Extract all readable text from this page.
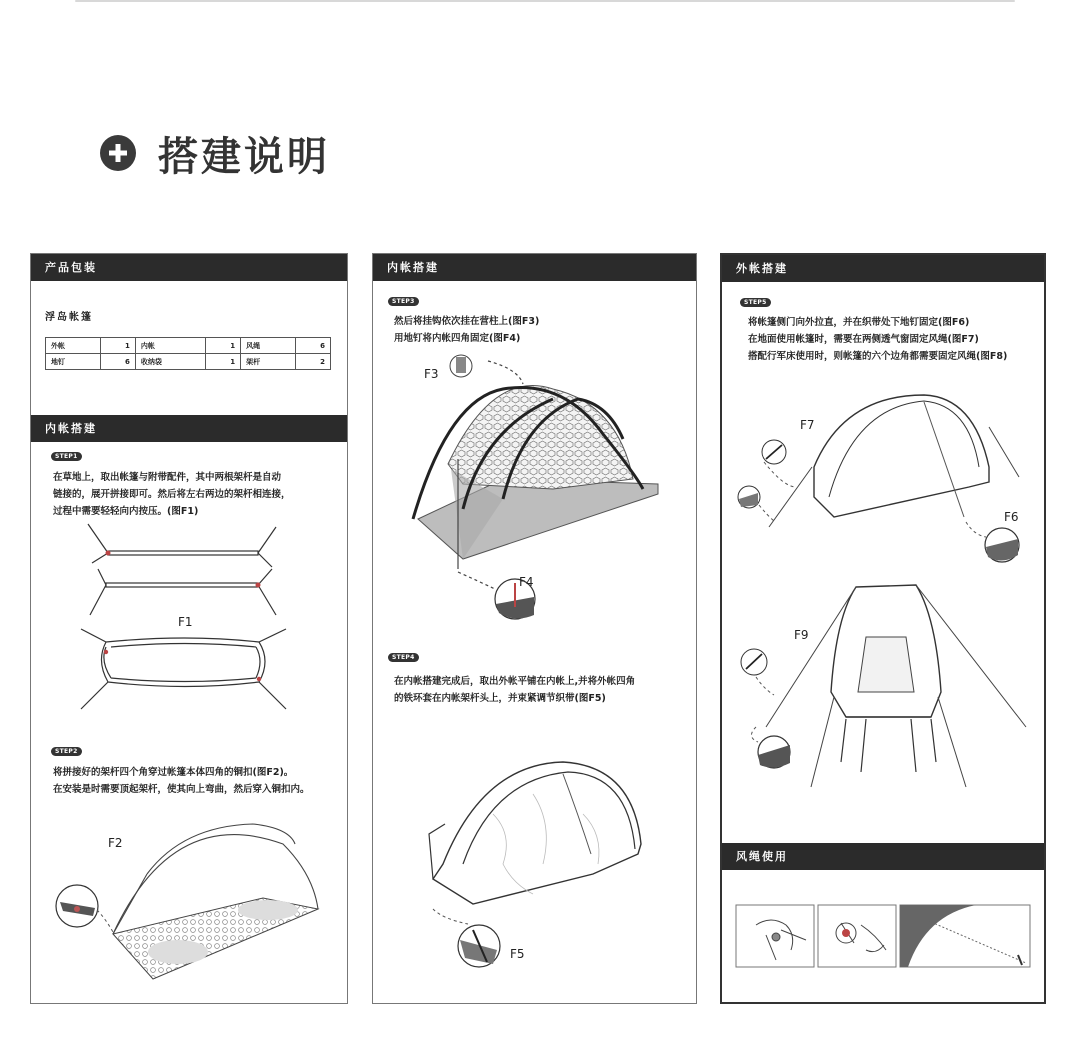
搭建说明
产品包装
浮岛帐篷
外帐	1	内帐	1	风绳	6
地钉	6	收纳袋	1	架杆	2
内帐搭建
STEP1
在草地上，取出帐篷与附带配件，其中两根架杆是自动
链接的，展开拼接即可。然后将左右两边的架杆相连接，
过程中需要轻轻向内按压。(图F1)
F1
STEP2
将拼接好的架杆四个角穿过帐篷本体四角的铜扣(图F2)。
在安装是时需要顶起架杆，使其向上弯曲，然后穿入铜扣内。
F2
内帐搭建
STEP3
然后将挂钩依次挂在营柱上(图F3)
用地钉将内帐四角固定(图F4)
F3
F4
STEP4
在内帐搭建完成后，取出外帐平铺在内帐上,并将外帐四角
的铁环套在内帐架杆头上，并束紧调节织带(图F5)
F5
外帐搭建
STEP5
将帐篷侧门向外拉直，并在织带处下地钉固定(图F6)
在地面使用帐篷时，需要在两侧透气窗固定风绳(图F7)
搭配行军床使用时，则帐篷的六个边角都需要固定风绳(图F8)
F7
F6
F9
风绳使用
